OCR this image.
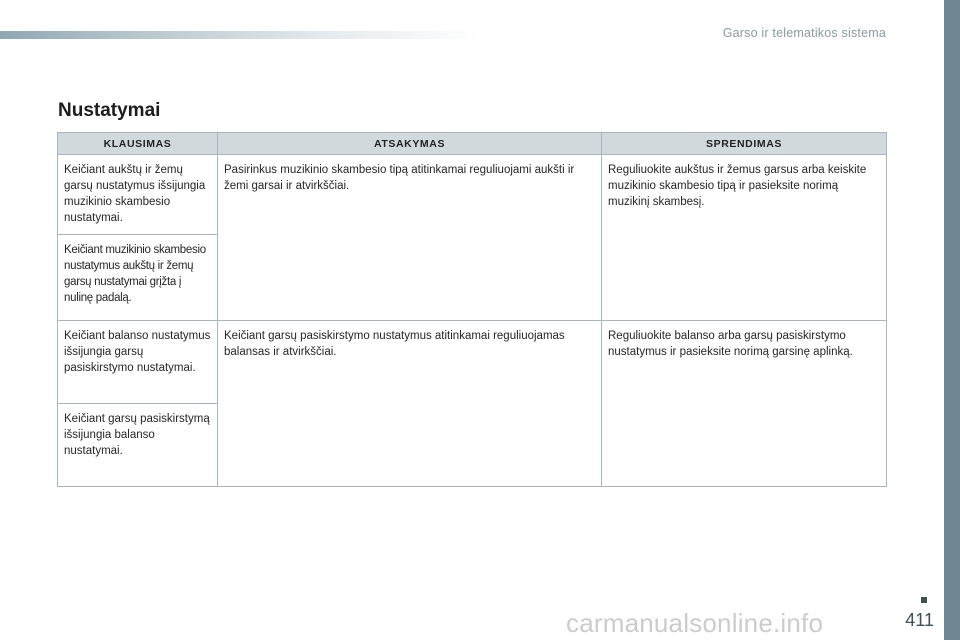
Garso ir telematikos sistema
Nustatymai
KLAUSIMAS	ATSAKYMAS	SPRENDIMAS
Keičiant aukštų ir žemų garsų nustatymus išsijungia muzikinio skambesio nustatymai.	Pasirinkus muzikinio skambesio tipą atitinkamai reguliuojami aukšti ir žemi garsai ir atvirkščiai.	Reguliuokite aukštus ir žemus garsus arba keiskite muzikinio skambesio tipą ir pasieksite norimą muzikinį skambesį.
Keičiant muzikinio skambesio nustatymus aukštų ir žemų garsų nustatymai grįžta į nulinę padalą.		
Keičiant balanso nustatymus išsijungia garsų pasiskirstymo nustatymai.	Keičiant garsų pasiskirstymo nustatymus atitinkamai reguliuojamas balansas ir atvirkščiai.	Reguliuokite balanso arba garsų pasiskirstymo nustatymus ir pasieksite norimą garsinę aplinką.
Keičiant garsų pasiskirstymą išsijungia balanso nustatymai.		
carmanualsonline.info	411
